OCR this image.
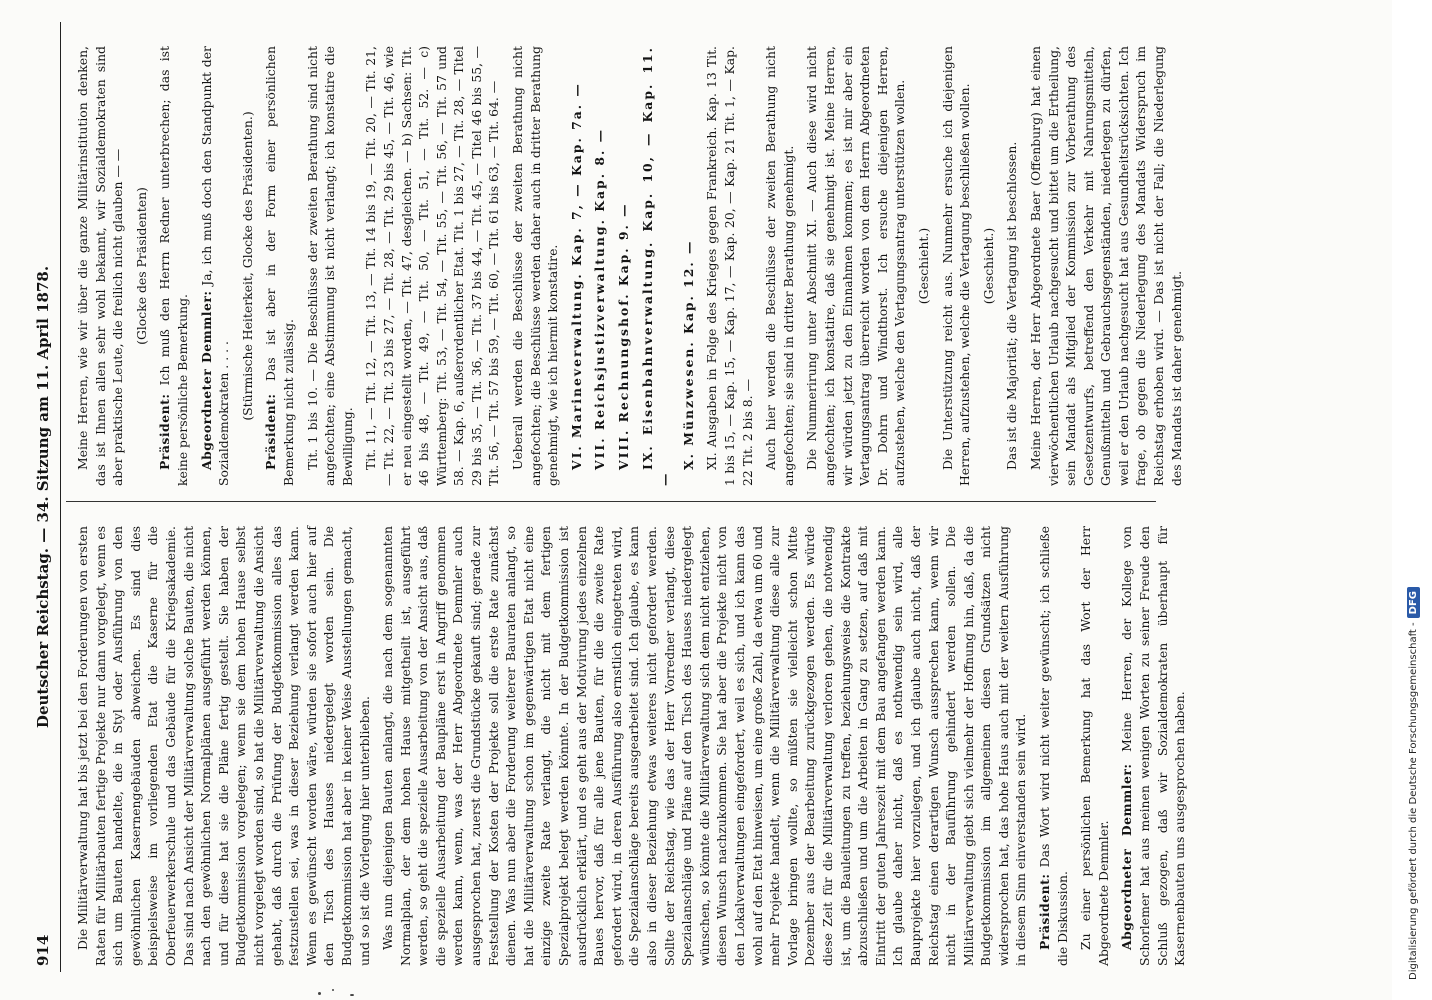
914
Deutscher Reichstag. — 34. Sitzung am 11. April 1878.

Die Militärverwaltung hat bis jetzt bei den Forderungen von ersten Raten für Militärbauten fertige Projekte nur dann vorgelegt, wenn es sich um Bauten handelte, die in Styl oder Ausführung von den gewöhnlichen Kasernengebäuden abweichen. Es sind dies beispielsweise im vorliegenden Etat die Kaserne für die Oberfeuerwerkerschule und das Gebäude für die Kriegsakademie. Das sind nach Ansicht der Militärverwaltung solche Bauten, die nicht nach den gewöhnlichen Normalplänen ausgeführt werden können, und für diese hat sie die Pläne fertig gestellt. Sie haben der Budgetkommission vorgelegen; wenn sie dem hohen Hause selbst nicht vorgelegt worden sind, so hat die Militärverwaltung die Ansicht gehabt, daß durch die Prüfung der Budgetkommission alles das festzustellen sei, was in dieser Beziehung verlangt werden kann. Wenn es gewünscht worden wäre, würden sie sofort auch hier auf den Tisch des Hauses niedergelegt worden sein. Die Budgetkommission hat aber in keiner Weise Ausstellungen gemacht, und so ist die Vorlegung hier unterblieben. Was nun diejenigen Bauten anlangt, die nach dem sogenannten Normalplan, der dem hohen Hause mitgetheilt ist, ausgeführt werden, so geht die spezielle Ausarbeitung von der Ansicht aus, daß die spezielle Ausarbeitung der Baupläne erst in Angriff genommen werden kann, wenn, was der Herr Abgeordnete Demmler auch ausgesprochen hat, zuerst die Grundstücke gekauft sind; gerade zur Feststellung der Kosten der Projekte soll die erste Rate zunächst dienen. Was nun aber die Forderung weiterer Bauraten anlangt, so hat die Militärverwaltung schon im gegenwärtigen Etat nicht eine einzige zweite Rate verlangt, die nicht mit dem fertigen Spezialprojekt belegt werden könnte. In der Budgetkommission ist ausdrücklich erklärt, und es geht aus der Motivirung jedes einzelnen Baues hervor, daß für alle jene Bauten, für die die zweite Rate gefordert wird, in deren Ausführung also ernstlich eingetreten wird, die Spezialanschläge bereits ausgearbeitet sind. Ich glaube, es kann also in dieser Beziehung etwas weiteres nicht gefordert werden. Sollte der Reichstag, wie das der Herr Vorredner verlangt, diese Spezialanschläge und Pläne auf den Tisch des Hauses niedergelegt wünschen, so könnte die Militärverwaltung sich dem nicht entziehen, diesen Wunsch nachzukommen. Sie hat aber die Projekte nicht von den Lokalverwaltungen eingefordert, weil es sich, und ich kann das wohl auf den Etat hinweisen, um eine große Zahl, da etwa um 60 und mehr Projekte handelt, wenn die Militärverwaltung diese alle zur Vorlage bringen wollte, so müßten sie vielleicht schon Mitte Dezember aus der Bearbeitung zurückgezogen werden. Es würde diese Zeit für die Militärverwaltung verloren gehen, die notwendig ist, um die Bauleitungen zu treffen, beziehungsweise die Kontrakte abzuschließen und um die Arbeiten in Gang zu setzen, auf daß mit Eintritt der guten Jahreszeit mit dem Bau angefangen werden kann. Ich glaube daher nicht, daß es nothwendig sein wird, alle Bauprojekte hier vorzulegen, und ich glaube auch nicht, daß der Reichstag einen derartigen Wunsch aussprechen kann, wenn wir nicht in der Bauführung gehindert werden sollen. Die Militärverwaltung giebt sich vielmehr der Hoffnung hin, daß, da die Budgetkommission im allgemeinen diesen Grundsätzen nicht widersprochen hat, das hohe Haus auch mit der weitern Ausführung in diesem Sinn einverstanden sein wird. Präsident: Das Wort wird nicht weiter gewünscht; ich schließe die Diskussion. Zu einer persönlichen Bemerkung hat das Wort der Herr Abgeordnete Demmler. Abgeordneter Demmler: Meine Herren, der Kollege von Schorlemer hat aus meinen wenigen Worten zu seiner Freude den Schluß gezogen, daß wir Sozialdemokraten überhaupt für Kasernenbauten uns ausgesprochen haben.

Meine Herren, wie wir über die ganze Militärinstitution denken, das ist Ihnen allen sehr wohl bekannt, wir Sozialdemokraten sind aber praktische Leute, die freilich nicht glauben — — (Glocke des Präsidenten)

Präsident: Ich muß den Herrn Redner unterbrechen; das ist keine persönliche Bemerkung. Abgeordneter Demmler: Ja, ich muß doch den Standpunkt der Sozialdemokraten . . . . (Stürmische Heiterkeit, Glocke des Präsidenten.)

Präsident: Das ist aber in der Form einer persönlichen Bemerkung nicht zulässig. Tit. 1 bis 10. — Die Beschlüsse der zweiten Berathung sind nicht angefochten; eine Abstimmung ist nicht verlangt; ich konstatire die Bewilligung. Tit. 11, — Tit. 12, — Tit. 13, — Tit. 14 bis 19, — Tit. 20, — Tit. 21, — Tit. 22, — Tit. 23 bis 27, — Tit. 28, — Tit. 29 bis 45, — Tit. 46, wie er neu eingestellt worden, — Tit. 47, desgleichen. — b) Sachsen: Tit. 46 bis 48, — Tit. 49, — Tit. 50, — Tit. 51, — Tit. 52. — c) Württemberg: Tit. 53, — Tit. 54, — Tit. 55, — Tit. 56, — Tit. 57 und 58. — Kap. 6, außerordentlicher Etat. Tit. 1 bis 27, — Tit. 28, — Titel 29 bis 35, — Tit. 36, — Tit. 37 bis 44, — Tit. 45, — Titel 46 bis 55, — Tit. 56, — Tit. 57 bis 59, — Tit. 60, — Tit. 61 bis 63, — Tit. 64. — Ueberall werden die Beschlüsse der zweiten Berathung nicht angefochten; die Beschlüsse werden daher auch in dritter Berathung genehmigt, wie ich hiermit konstatire. VI. Marineverwaltung. Kap. 7, — Kap. 7a. — VII. Reichsjustizverwaltung. Kap. 8. — VIII. Rechnungshof. Kap. 9. — IX. Eisenbahnverwaltung. Kap. 10, — Kap. 11. —

X. Münzwesen. Kap. 12. — XI. Ausgaben in Folge des Krieges gegen Frankreich. Kap. 13 Tit. 1 bis 15, — Kap. 15, — Kap. 17, — Kap. 20, — Kap. 21 Tit. 1, — Kap. 22 Tit. 2 bis 8. — Auch hier werden die Beschlüsse der zweiten Berathung nicht angefochten; sie sind in dritter Berathung genehmigt. Die Nummerirung unter Abschnitt XI. — Auch diese wird nicht angefochten; ich konstatire, daß sie genehmigt ist. Meine Herren, wir würden jetzt zu den Einnahmen kommen; es ist mir aber ein Vertagungsantrag überreicht worden von dem Herrn Abgeordneten Dr. Dohrn und Windthorst. Ich ersuche diejenigen Herren, aufzustehen, welche den Vertagungsantrag unterstützen wollen. (Geschieht.) Die Unterstützung reicht aus. Nunmehr ersuche ich diejenigen Herren, aufzustehen, welche die Vertagung beschließen wollen. (Geschieht.) Das ist die Majorität; die Vertagung ist beschlossen. Meine Herren, der Herr Abgeordnete Baer (Offenburg) hat einen vierwöchentlichen Urlaub nachgesucht und bittet um die Ertheilung, sein Mandat als Mitglied der Kommission zur Vorberathung des Gesetzentwurfs, betreffend den Verkehr mit Nahrungsmitteln, Genußmitteln und Gebrauchsgegenständen, niederlegen zu dürfen, weil er den Urlaub nachgesucht hat aus Gesundheitsrücksichten. Ich frage, ob gegen die Niederlegung des Mandats Widerspruch im Reichstag erhoben wird. — Das ist nicht der Fall; die Niederlegung des Mandats ist daher genehmigt.

Digitalisierung gefördert durch die Deutsche Forschungsgemeinschaft -
DFG
